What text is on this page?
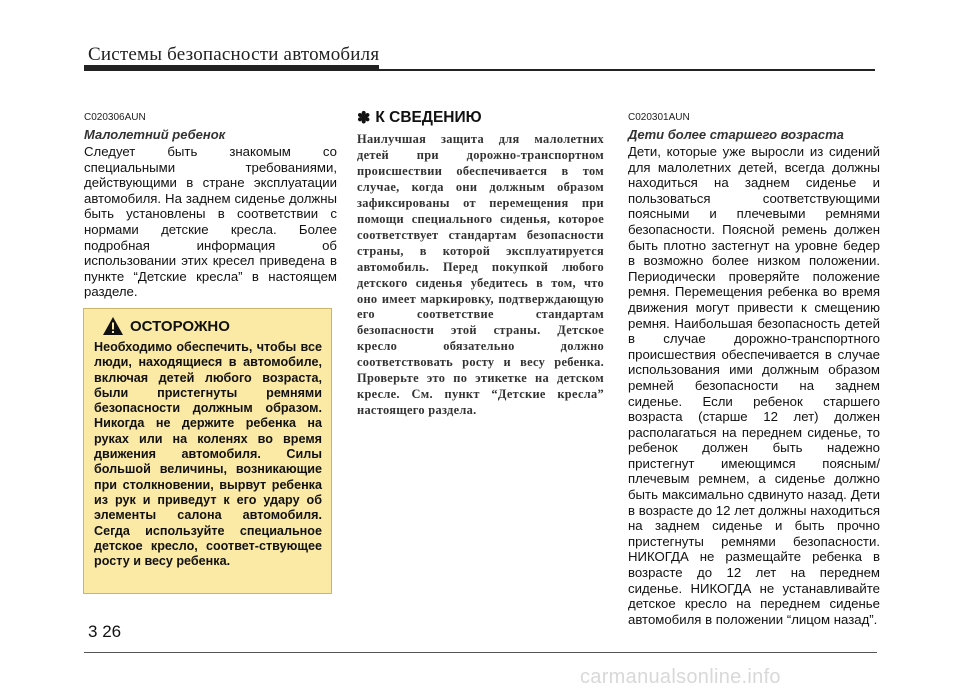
Системы безопасности автомобиля
C020306AUN
Малолетний ребенок
Следует быть знакомым со специальными требованиями, действующими в стране эксплуатации автомобиля. На заднем сиденье должны быть установлены в соответствии с нормами детские кресла. Более подробная информация об использовании этих кресел приведена в пункте “Детские кресла” в настоящем разделе.
ОСТОРОЖНО
Необходимо обеспечить, чтобы все люди, находящиеся в автомобиле, включая детей любого возраста, были пристегнуты ремнями безопасности должным образом. Никогда не держите ребенка на руках или на коленях во время движения автомобиля. Силы большой величины, возникающие при столкновении, вырвут ребенка из рук и приведут к его удару об элементы салона автомобиля. Сегда используйте специальное детское кресло, соответ-ствующее росту и весу ребенка.
✽ К СВЕДЕНИЮ
Наилучшая защита для малолетних детей при дорожно-транспортном происшествии обеспечивается в том случае, когда они должным образом зафиксированы от перемещения при помощи специального сиденья, которое соответствует стандартам безопасности страны, в которой эксплуатируется автомобиль. Перед покупкой любого детского сиденья убедитесь в том, что оно имеет маркировку, подтверждающую его соответствие стандартам безопасности этой страны. Детское кресло обязательно должно соответствовать росту и весу ребенка. Проверьте это по этикетке на детском кресле. См. пункт “Детские кресла” настоящего раздела.
C020301AUN
Дети более старшего возраста
Дети, которые уже выросли из сидений для малолетних детей, всегда должны находиться на заднем сиденье и пользоваться соответствующими поясными и плечевыми ремнями безопасности. Поясной ремень должен быть плотно застегнут на уровне бедер в возможно более низком положении. Периодически проверяйте положение ремня. Перемещения ребенка во время движения могут привести к смещению ремня. Наибольшая безопасность детей в случае дорожно-транспортного происшествия обеспечивается в случае использования ими должным образом ремней безопасности на заднем сиденье. Если ребенок старшего возраста (старше 12 лет) должен располагаться на переднем сиденье, то ребенок должен быть надежно пристегнут имеющимся поясным/плечевым ремнем, а сиденье должно быть максимально сдвинуто назад. Дети в возрасте до 12 лет должны находиться на заднем сиденье и быть прочно пристегнуты ремнями безопасности. НИКОГДА не размещайте ребенка в возрасте до 12 лет на переднем сиденье. НИКОГДА не устанавливайте детское кресло на переднем сиденье автомобиля в положении “лицом назад”.
3 26
carmanualsonline.info
